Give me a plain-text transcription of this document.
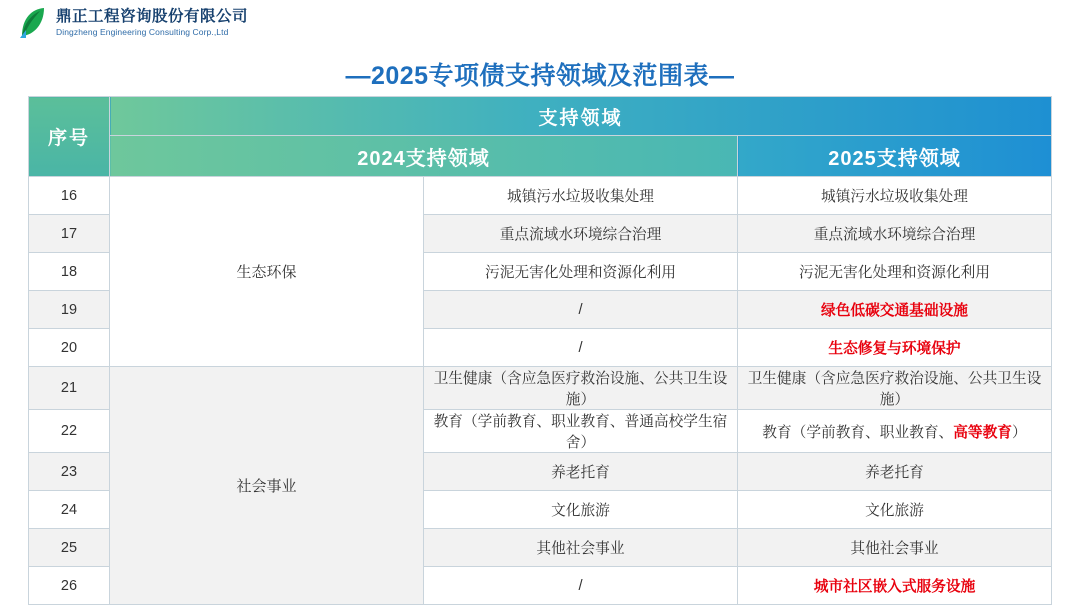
鼎正工程咨询股份有限公司
Dingzheng Engineering Consulting Corp.,Ltd
—2025专项债支持领域及范围表—
序号	支持领域		
	2024支持领域		2025支持领域
16	生态环保	城镇污水垃圾收集处理	城镇污水垃圾收集处理
17		重点流域水环境综合治理	重点流域水环境综合治理
18		污泥无害化处理和资源化利用	污泥无害化处理和资源化利用
19		/	绿色低碳交通基础设施
20		/	生态修复与环境保护
21	社会事业	卫生健康（含应急医疗救治设施、公共卫生设施）	卫生健康（含应急医疗救治设施、公共卫生设施）
22		教育（学前教育、职业教育、普通高校学生宿舍）	教育（学前教育、职业教育、高等教育）
23		养老托育	养老托育
24		文化旅游	文化旅游
25		其他社会事业	其他社会事业
26		/	城市社区嵌入式服务设施
